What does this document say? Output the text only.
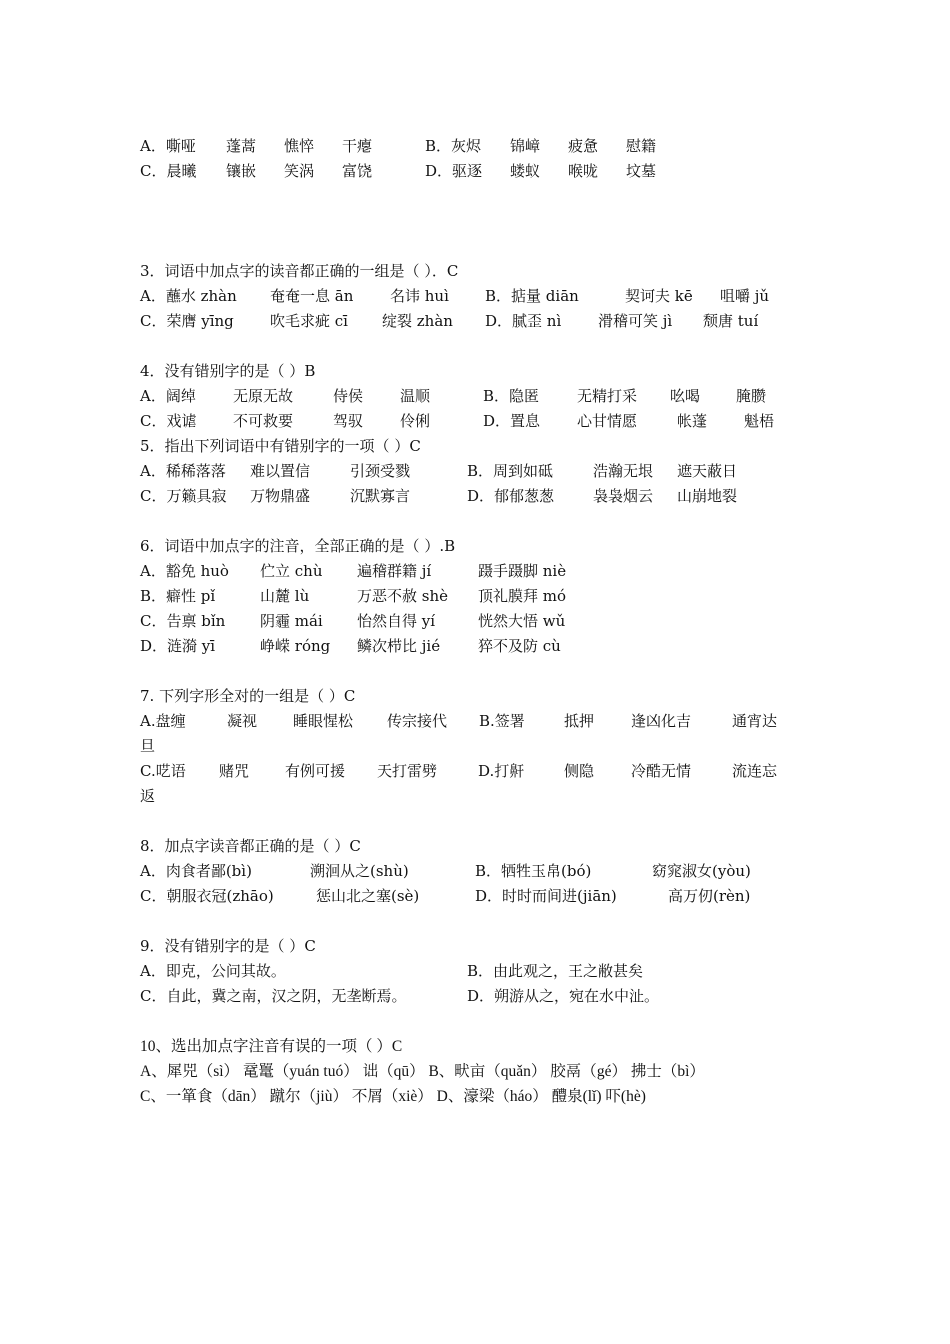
A．嘶哑 蓬蒿 憔悴 干瘪	B．灰烬 锦嶂 疲惫 慰籍
C．晨曦 镶嵌 笑涡 富饶	D．驱逐 蝼蚁 喉咙 坟墓
3．词语中加点字的读音都正确的一组是（ ）．C
A．蘸水 zhàn 奄奄一息 ān 名讳 huì B．掂量 diān	契诃夫 kē 咀嚼 jǔ
C．荣膺 yīng 吹毛求疵 cī 绽裂 zhàn D．腻歪 nì 滑稽可笑 jì 颓唐 tuí
4．没有错别字的是（ ）B
A．阔绰 无原无故	侍侯 温顺	B．隐匿	无精打采 吆喝 腌臜
C．戏谑 不可救要	驾驭 伶俐	D．置息 心甘情愿	帐蓬 魁梧
5．指出下列词语中有错别字的一项（ ）C
A．稀稀落落 难以置信	引颈受戮	B．周到如砥	浩瀚无垠 遮天蔽日
C．万籁具寂 万物鼎盛	沉默寡言	D．郁郁葱葱	袅袅烟云 山崩地裂
6．词语中加点字的注音，全部正确的是（ ）.B
A．豁免 huò 伫立 chù 遍稽群籍 jí	蹑手蹑脚 niè
B．癖性 pǐ	山麓 lù	万恶不赦 shè 顶礼膜拜 mó
C．告禀 bǐn 阴霾 mái 怡然自得 yí	恍然大悟 wǔ
D．涟漪 yī	峥嵘 róng 鳞次栉比 jié	猝不及防 cù
7. 下列字形全对的一组是（ ）C
A.盘缠	凝视 睡眼惺松 传宗接代 B.签署	抵押 逢凶化吉	通宵达
旦
C.呓语 赌咒 有例可援 天打雷劈	D.打鼾	侧隐 冷酷无情	流连忘
返
8．加点字读音都正确的是（ ）C
A．肉食者鄙(bì)	溯洄从之(shù)	B．牺牲玉帛(bó)	窈窕淑女(yòu)
C．朝服衣冠(zhāo)	惩山北之塞(sè)	D．时时而间进(jiān)	高万仞(rèn)
9．没有错别字的是（ ）C
A．即克，公问其故。	B．由此观之，王之敝甚矣
C．自此，冀之南，汉之阴，无垄断焉。	D．朔游从之，宛在水中沚。
10、选出加点字注音有误的一项（ ）C
A、犀兕（sì） 鼋鼍（yuán tuó） 诎（qū） B、畎亩（quǎn） 胶鬲（gé） 拂士（bì）
C、一箪食（dān） 蹴尔（jiù） 不屑（xiè） D、濠梁（háo） 醴泉(lǐ) 吓(hè)
